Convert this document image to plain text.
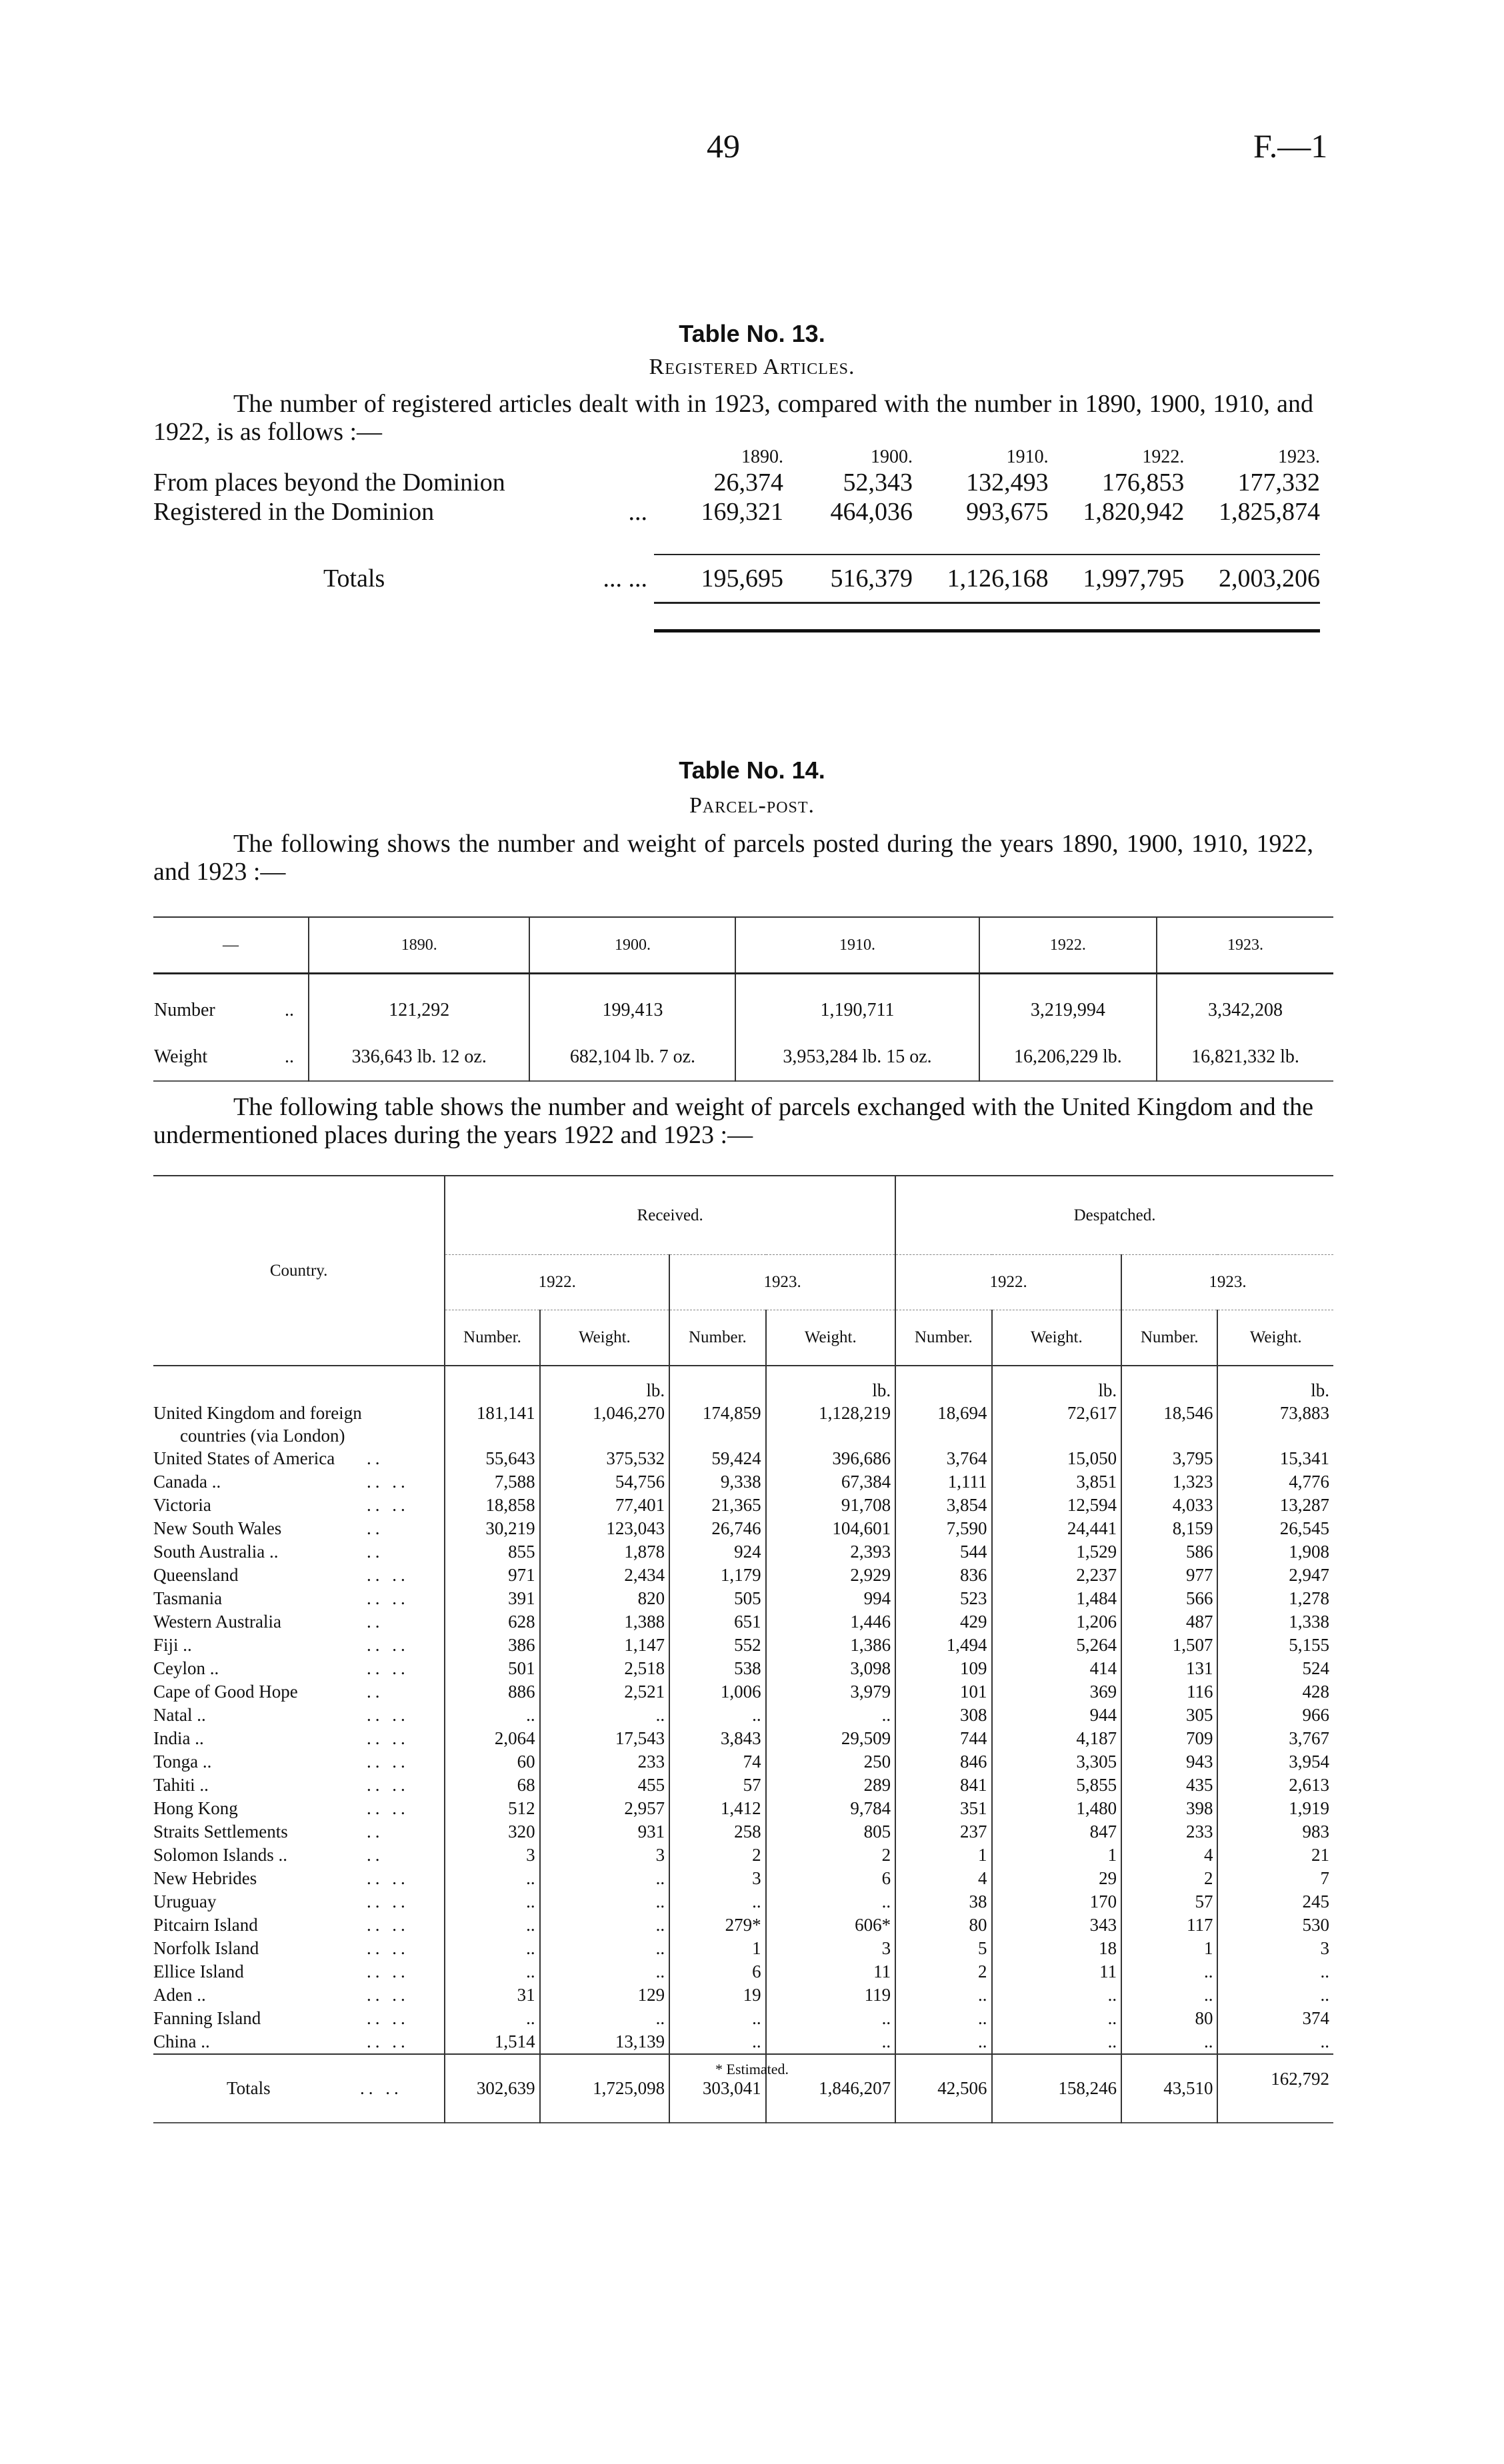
49	F.—1
Table No. 13.
Registered Articles.
The number of registered articles dealt with in 1923, compared with the number in 1890, 1900, 1910, and 1922, is as follows :—
	1890.	1900.	1910.	1922.	1923.
From places beyond the Dominion	26,374	52,343	132,493	176,853	177,332
Registered in the Dominion ...	169,321	464,036	993,675	1,820,942	1,825,874

Totals ... ...	195,695	516,379	1,126,168	1,997,795	2,003,206

Table No. 14.
Parcel-post.
The following shows the number and weight of parcels posted during the years 1890, 1900, 1910, 1922, and 1923 :—
—	1890.	1900.	1910.	1922.	1923.
Number ..	121,292	199,413	1,190,711	3,219,994	3,342,208
Weight ..	336,643 lb. 12 oz.	682,104 lb. 7 oz.	3,953,284 lb. 15 oz.	16,206,229 lb.	16,821,332 lb.
The following table shows the number and weight of parcels exchanged with the United Kingdom and the undermentioned places during the years 1922 and 1923 :—
Country.	Received.				Despatched.			
	1922.		1923.		1922.		1923.	
	Number.	Weight.	Number.	Weight.	Number.	Weight.	Number.	Weight.
		lb.		lb.		lb.		lb.
United Kingdom and foreign	181,141	1,046,270	174,859	1,128,219	18,694	72,617	18,546	73,883
countries (via London)								
United States of America ..	55,643	375,532	59,424	396,686	3,764	15,050	3,795	15,341
Canada .. .. ..	7,588	54,756	9,338	67,384	1,111	3,851	1,323	4,776
Victoria .. ..	18,858	77,401	21,365	91,708	3,854	12,594	4,033	13,287
New South Wales ..	30,219	123,043	26,746	104,601	7,590	24,441	8,159	26,545
South Australia .. ..	855	1,878	924	2,393	544	1,529	586	1,908
Queensland .. ..	971	2,434	1,179	2,929	836	2,237	977	2,947
Tasmania .. ..	391	820	505	994	523	1,484	566	1,278
Western Australia ..	628	1,388	651	1,446	429	1,206	487	1,338
Fiji .. .. ..	386	1,147	552	1,386	1,494	5,264	1,507	5,155
Ceylon .. .. ..	501	2,518	538	3,098	109	414	131	524
Cape of Good Hope ..	886	2,521	1,006	3,979	101	369	116	428
Natal .. .. ..	..	..	..	..	308	944	305	966
India .. .. ..	2,064	17,543	3,843	29,509	744	4,187	709	3,767
Tonga .. .. ..	60	233	74	250	846	3,305	943	3,954
Tahiti .. .. ..	68	455	57	289	841	5,855	435	2,613
Hong Kong .. ..	512	2,957	1,412	9,784	351	1,480	398	1,919
Straits Settlements ..	320	931	258	805	237	847	233	983
Solomon Islands .. ..	3	3	2	2	1	1	4	21
New Hebrides .. ..	..	..	3	6	4	29	2	7
Uruguay .. ..	..	..	..	..	38	170	57	245
Pitcairn Island .. ..	..	..	279*	606*	80	343	117	530
Norfolk Island .. ..	..	..	1	3	5	18	1	3
Ellice Island .. ..	..	..	6	11	2	11	..	..
Aden .. .. ..	31	129	19	119	..	..	..	..
Fanning Island .. ..	..	..	..	..	..	..	80	374
China .. .. ..	1,514	13,139	..	..	..	..	..	..
Totals .. ..	302,639	1,725,098	303,041	1,846,207	42,506	158,246	43,510	162,792
* Estimated.
